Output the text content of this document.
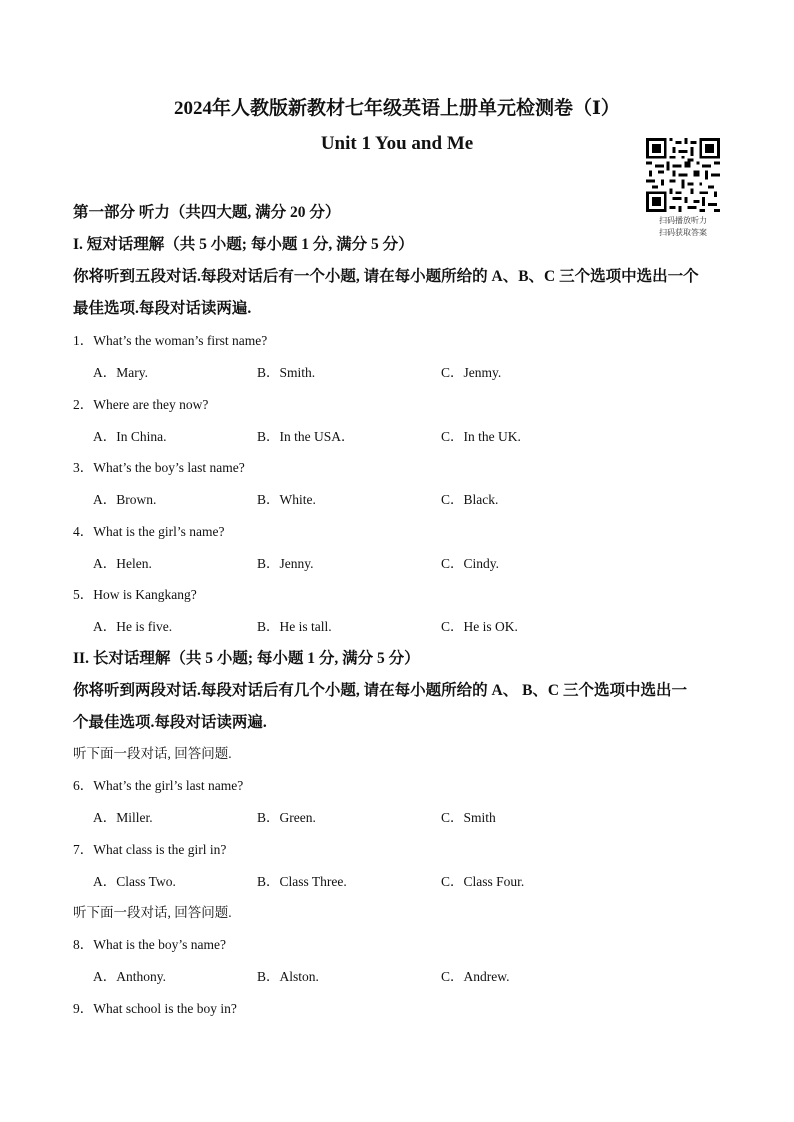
2024年人教版新教材七年级英语上册单元检测卷（Ⅰ）
Unit 1 You and Me
扫码播放听力
扫码获取答案
第一部分 听力（共四大题, 满分 20 分）
I. 短对话理解（共 5 小题; 每小题 1 分, 满分 5 分）
你将听到五段对话.每段对话后有一个小题, 请在每小题所给的 A、B、C 三个选项中选出一个
最佳选项.每段对话读两遍.
1．What’s the woman’s first name?
A．Mary.	B．Smith.	C．Jenmy.
2．Where are they now?
A．In China.	B．In the USA．	C．In the UK.
3．What’s the boy’s last name?
A．Brown.	B．White.	C．Black.
4．What is the girl’s name?
A．Helen.	B．Jenny.	C．Cindy.
5．How is Kangkang?
A．He is five.	B．He is tall.	C．He is OK.
II. 长对话理解（共 5 小题; 每小题 1 分, 满分 5 分）
你将听到两段对话.每段对话后有几个小题, 请在每小题所给的 A、 B、C 三个选项中选出一
个最佳选项.每段对话读两遍.
听下面一段对话, 回答问题.
6．What’s the girl’s last name?
A．Miller.	B．Green.	C．Smith
7．What class is the girl in?
A．Class Two.	B．Class Three.	C．Class Four.
听下面一段对话, 回答问题.
8．What is the boy’s name?
A．Anthony.	B．Alston.	C．Andrew.
9．What school is the boy in?
